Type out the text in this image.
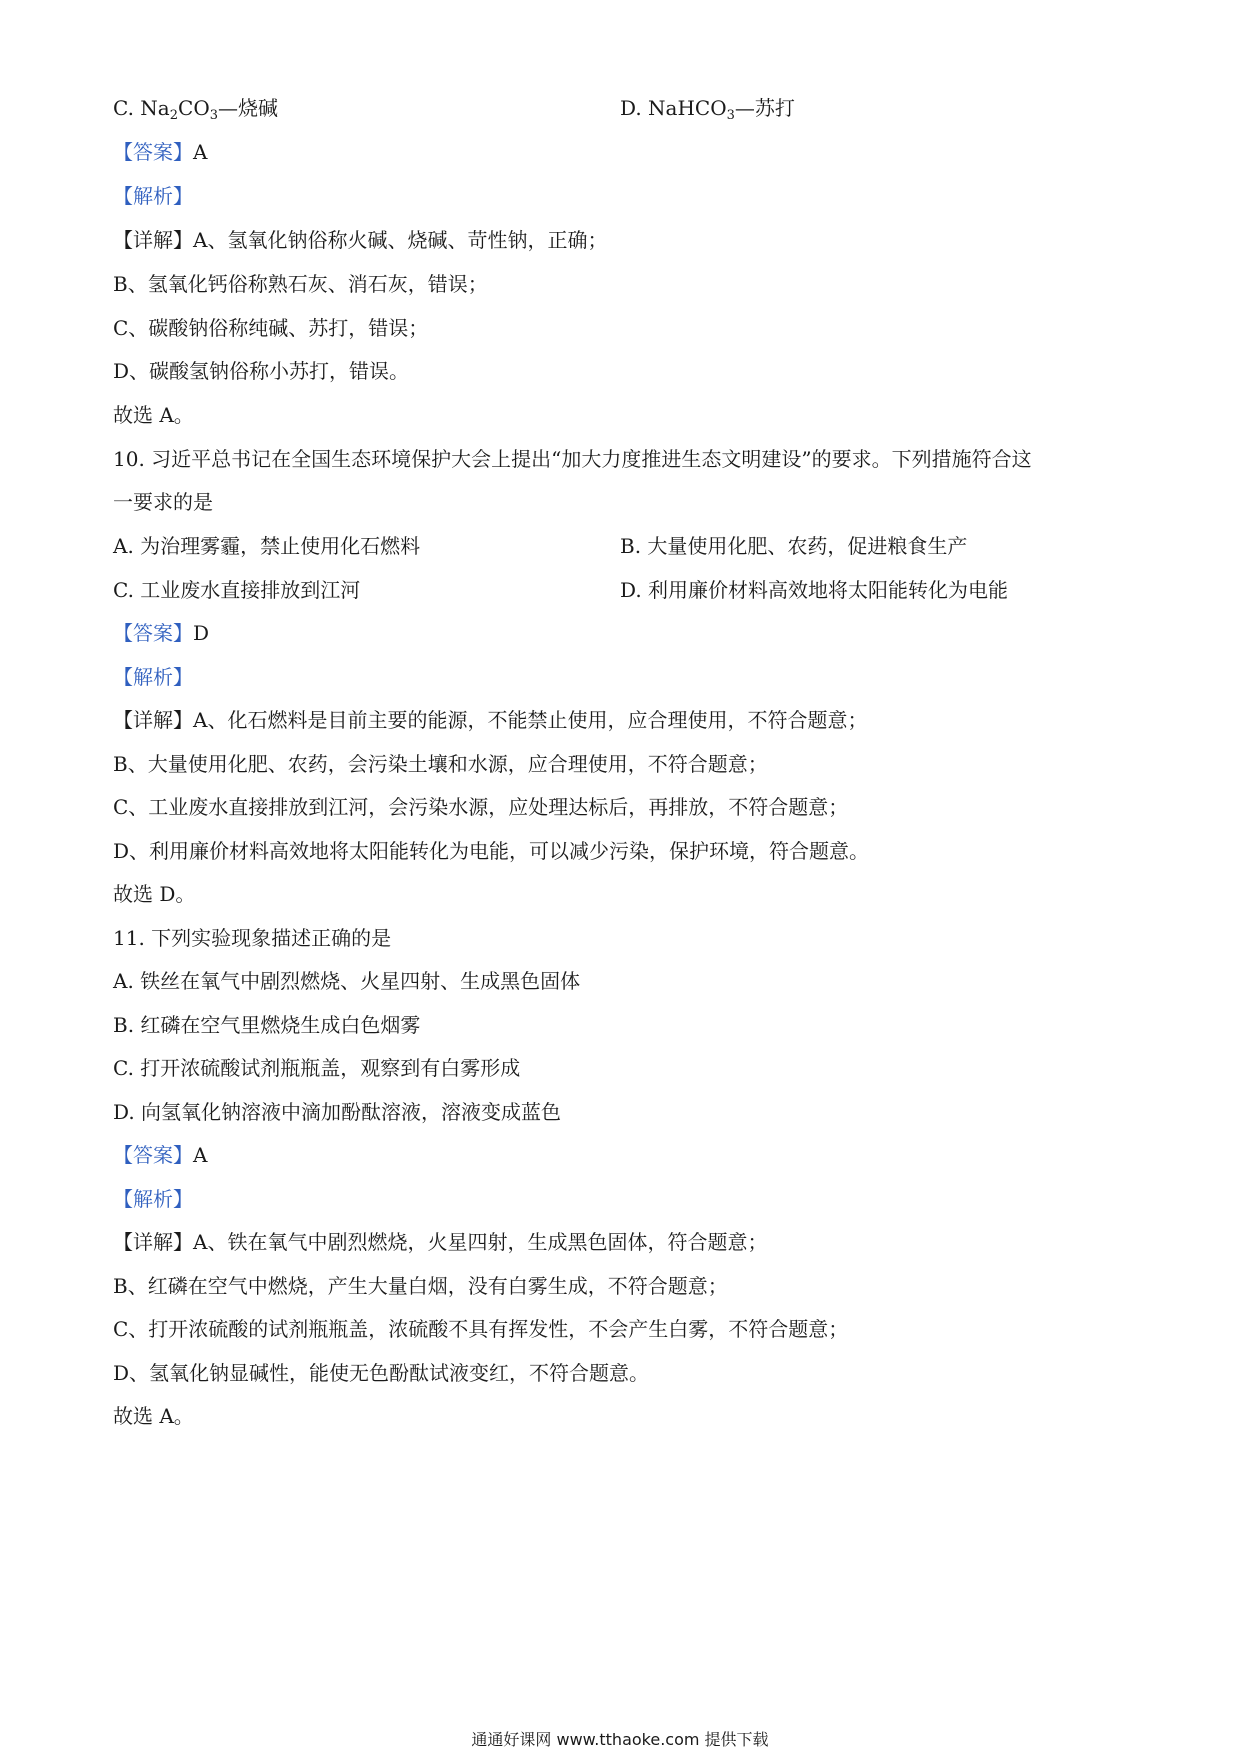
C. $Na_2CO_3—$烧碱	D. NaHCO$_3$—苏打
【答案】A
【解析】
【详解】A、氢氧化钠俗称火碱、烧碱、苛性钠，正确；
B、氢氧化钙俗称熟石灰、消石灰，错误；
C、碳酸钠俗称纯碱、苏打，错误；
D、碳酸氢钠俗称小苏打，错误。
故选 A。
10. 习近平总书记在全国生态环境保护大会上提出“加大力度推进生态文明建设”的要求。下列措施符合这
一要求的是
A. 为治理雾霾，禁止使用化石燃料	B. 大量使用化肥、农药，促进粮食生产
C. 工业废水直接排放到江河	D. 利用廉价材料高效地将太阳能转化为电能
【答案】D
【解析】
【详解】A、化石燃料是目前主要的能源，不能禁止使用，应合理使用，不符合题意；
B、大量使用化肥、农药，会污染土壤和水源，应合理使用，不符合题意；
C、工业废水直接排放到江河，会污染水源，应处理达标后，再排放，不符合题意；
D、利用廉价材料高效地将太阳能转化为电能，可以减少污染，保护环境，符合题意。
故选 D。
11. 下列实验现象描述正确的是
A. 铁丝在氧气中剧烈燃烧、火星四射、生成黑色固体
B. 红磷在空气里燃烧生成白色烟雾
C. 打开浓硫酸试剂瓶瓶盖，观察到有白雾形成
D. 向氢氧化钠溶液中滴加酚酞溶液，溶液变成蓝色
【答案】A
【解析】
【详解】A、铁在氧气中剧烈燃烧，火星四射，生成黑色固体，符合题意；
B、红磷在空气中燃烧，产生大量白烟，没有白雾生成，不符合题意；
C、打开浓硫酸的试剂瓶瓶盖，浓硫酸不具有挥发性，不会产生白雾，不符合题意；
D、氢氧化钠显碱性，能使无色酚酞试液变红，不符合题意。
故选 A。
通通好课网 www.tthaoke.com 提供下载
